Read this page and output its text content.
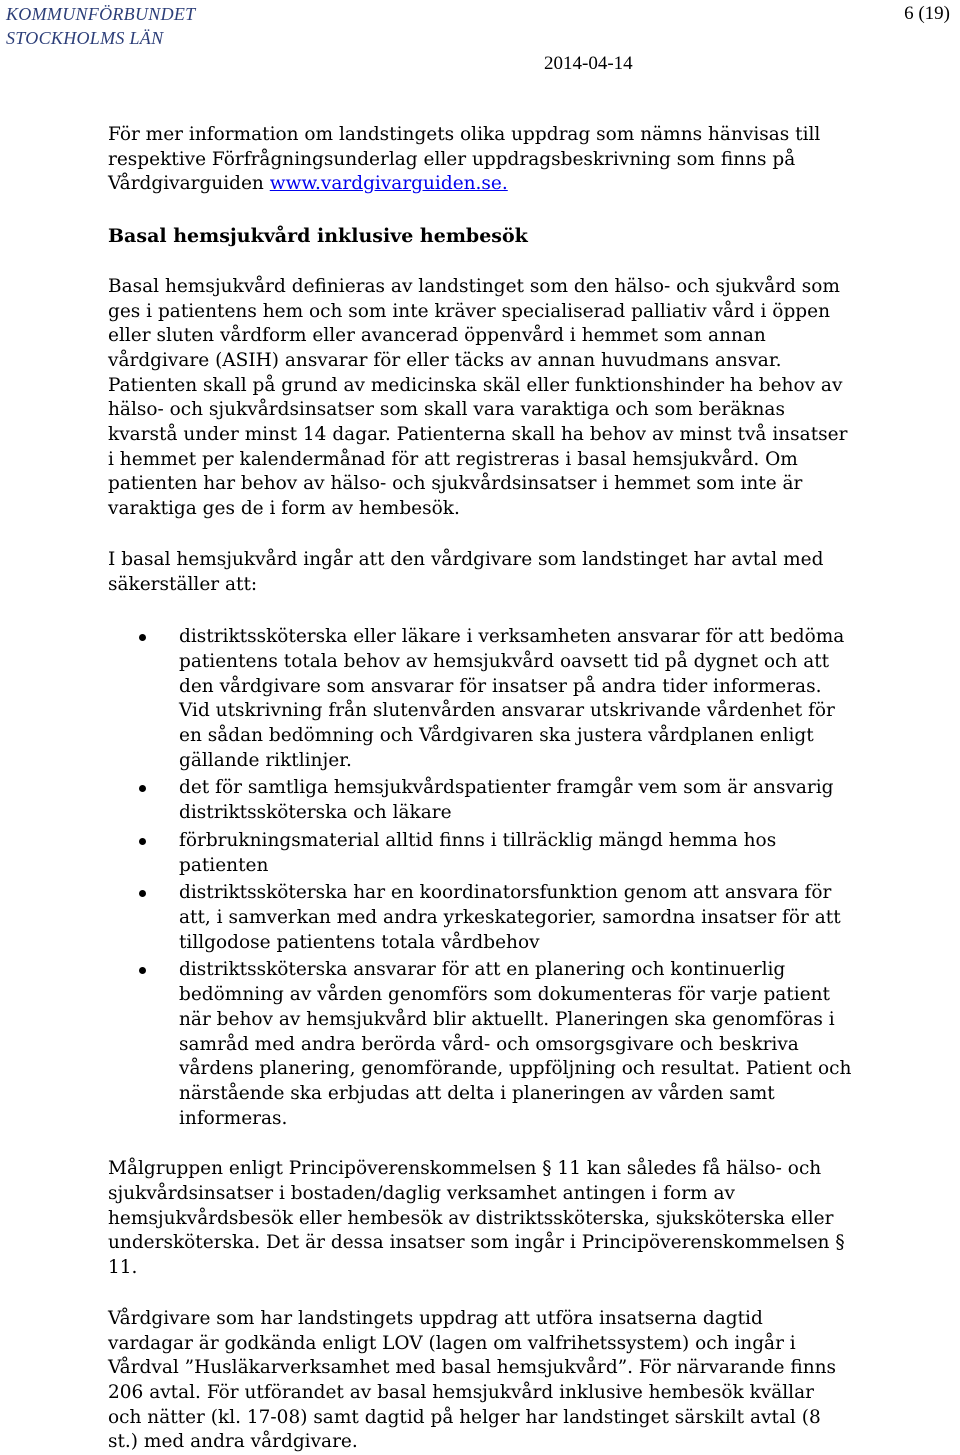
KOMMUNFÖRBUNDET
STOCKHOLMS LÄN
6 (19)
2014-04-14

För mer information om landstingets olika uppdrag som nämns hänvisas till respektive Förfrågningsunderlag eller uppdragsbeskrivning som finns på Vårdgivarguiden www.vardgivarguiden.se.

Basal hemsjukvård inklusive hembesök

Basal hemsjukvård definieras av landstinget som den hälso- och sjukvård som ges i patientens hem och som inte kräver specialiserad palliativ vård i öppen eller sluten vårdform eller avancerad öppenvård i hemmet som annan vårdgivare (ASIH) ansvarar för eller täcks av annan huvudmans ansvar. Patienten skall på grund av medicinska skäl eller funktionshinder ha behov av hälso- och sjukvårdsinsatser som skall vara varaktiga och som beräknas kvarstå under minst 14 dagar. Patienterna skall ha behov av minst två insatser i hemmet per kalendermånad för att registreras i basal hemsjukvård. Om patienten har behov av hälso- och sjukvårdsinsatser i hemmet som inte är varaktiga ges de i form av hembesök.

I basal hemsjukvård ingår att den vårdgivare som landstinget har avtal med säkerställer att:

distriktssköterska eller läkare i verksamheten ansvarar för att bedöma patientens totala behov av hemsjukvård oavsett tid på dygnet och att den vårdgivare som ansvarar för insatser på andra tider informeras. Vid utskrivning från slutenvården ansvarar utskrivande vårdenhet för en sådan bedömning och Vårdgivaren ska justera vårdplanen enligt gällande riktlinjer.
det för samtliga hemsjukvårdspatienter framgår vem som är ansvarig distriktssköterska och läkare
förbrukningsmaterial alltid finns i tillräcklig mängd hemma hos patienten
distriktssköterska har en koordinatorsfunktion genom att ansvara för att, i samverkan med andra yrkeskategorier, samordna insatser för att tillgodose patientens totala vårdbehov
distriktssköterska ansvarar för att en planering och kontinuerlig bedömning av vården genomförs som dokumenteras för varje patient när behov av hemsjukvård blir aktuellt. Planeringen ska genomföras i samråd med andra berörda vård- och omsorgsgivare och beskriva vårdens planering, genomförande, uppföljning och resultat. Patient och närstående ska erbjudas att delta i planeringen av vården samt informeras.

Målgruppen enligt Principöverenskommelsen § 11 kan således få hälso- och sjukvårdsinsatser i bostaden/daglig verksamhet antingen i form av hemsjukvårdsbesök eller hembesök av distriktssköterska, sjuksköterska eller undersköterska. Det är dessa insatser som ingår i Principöverenskommelsen § 11.

Vårdgivare som har landstingets uppdrag att utföra insatserna dagtid vardagar är godkända enligt LOV (lagen om valfrihetssystem) och ingår i Vårdval ”Husläkarverksamhet med basal hemsjukvård”. För närvarande finns 206 avtal. För utförandet av basal hemsjukvård inklusive hembesök kvällar och nätter (kl. 17-08) samt dagtid på helger har landstinget särskilt avtal (8 st.) med andra vårdgivare.
